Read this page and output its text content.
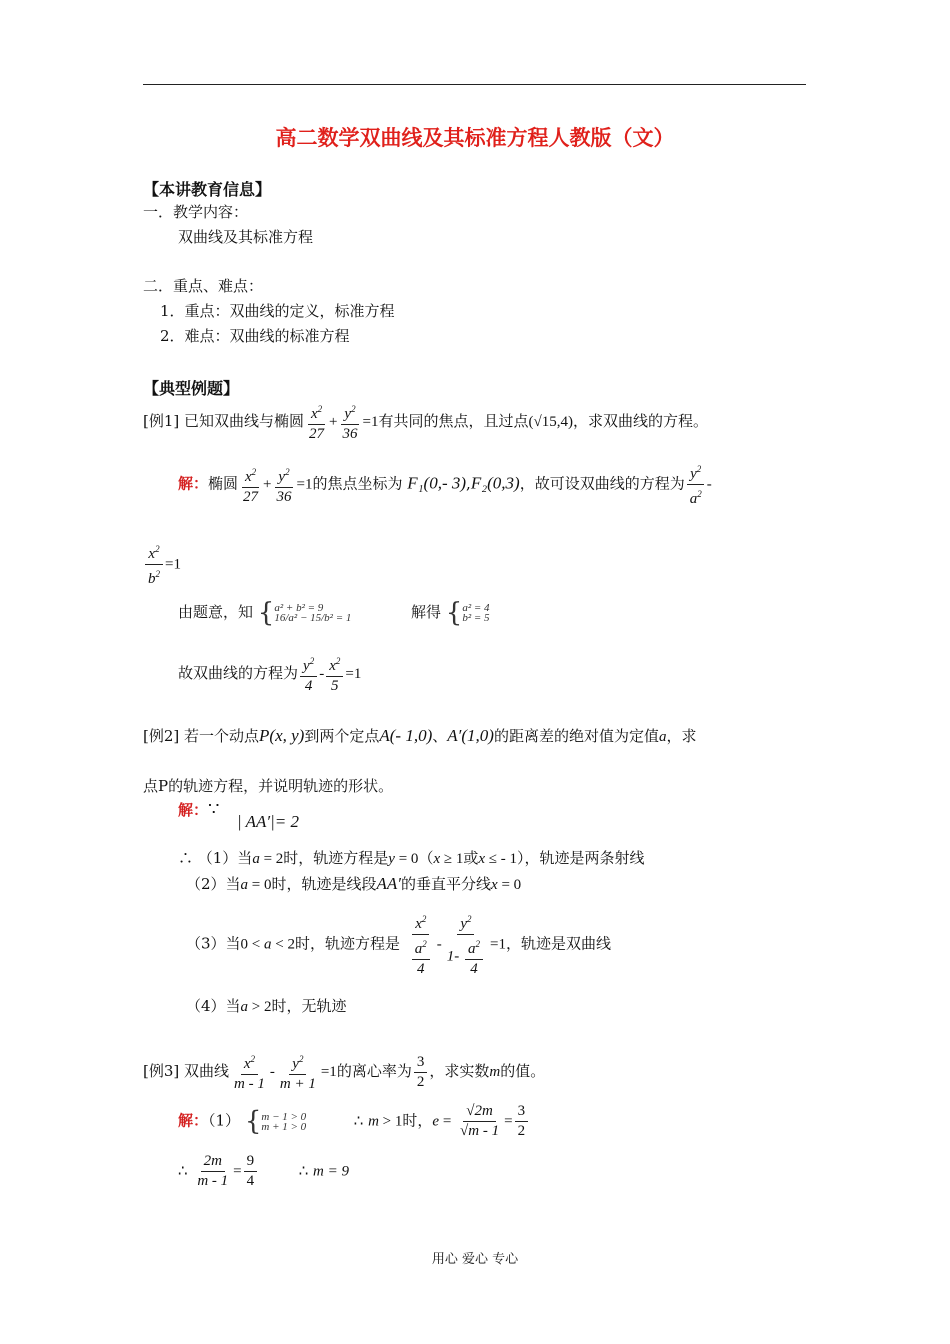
高二数学双曲线及其标准方程人教版（文）
【本讲教育信息】
一．教学内容：
双曲线及其标准方程
二．重点、难点：
1．重点：双曲线的定义，标准方程
2．难点：双曲线的标准方程
【典型例题】
[例1] 已知双曲线与椭圆 $\frac{x^2}{27} + \frac{y^2}{36} =1$有共同的焦点，且过点(√15,4)，求双曲线的方程。
解：椭圆 $\frac{x^2}{27} + \frac{y^2}{36} =1$的焦点坐标为 F₁(0,- 3),F₂(0,3)，故可设双曲线的方程为 $\frac{y^2}{a^2}$ -
$\frac{x^2}{b^2} =1$
由题意，知 {a² + b² = 9
16/a² − 15/b² = 1	解得 {a² = 4
b² = 5
故双曲线的方程为 $\frac{y^2}{4} - \frac{x^2}{5} =1$
[例2] 若一个动点P(x, y)到两个定点A(- 1,0)、A′(1,0)的距离差的绝对值为定值a，求
点P的轨迹方程，并说明轨迹的形状。
解：∵
| AA′|= 2
∴ （1）当a = 2时，轨迹方程是y = 0（x ≥ 1或x ≤ - 1），轨迹是两条射线
（2）当a = 0时，轨迹是线段AA′的垂直平分线x = 0
（3）当0 < a < 2时，轨迹方程是 $\frac{x^2}{\frac{a^2}{4}} - \frac{y^2}{1- \frac{a^2}{4}} =1$，轨迹是双曲线
（4）当a > 2时，无轨迹
[例3] 双曲线 $\frac{x^2}{m - 1} - \frac{y^2}{m + 1} =1$的离心率为 $\frac{3}{2}$ ，求实数m的值。
解：（1） {m − 1 > 0
m + 1 > 0	∴ m > 1时，$e = \frac{√2m}{√m - 1} = \frac{3}{2}$
∴ $\frac{2m}{m - 1} = \frac{9}{4}$	∴ m = 9
用心 爱心 专心
